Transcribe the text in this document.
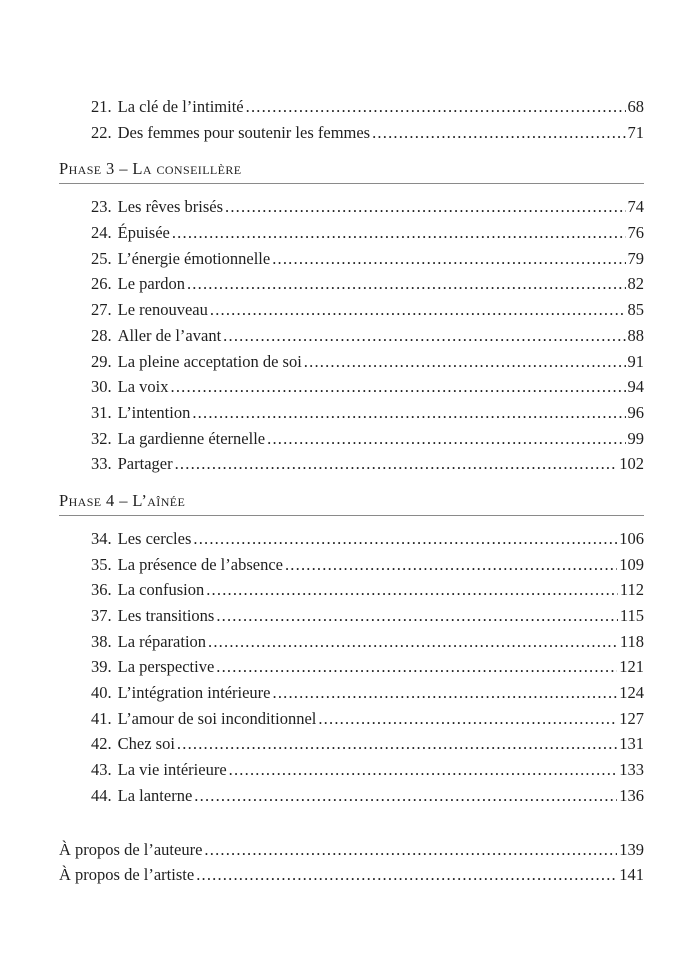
21. La clé de l’intimité .....	68
22. Des femmes pour soutenir les femmes .....	71
Phase 3 – La conseillère
23. Les rêves brisés .....	74
24. Épuisée .....	76
25. L’énergie émotionnelle .....	79
26. Le pardon .....	82
27. Le renouveau .....	85
28. Aller de l’avant .....	88
29. La pleine acceptation de soi .....	91
30. La voix .....	94
31. L’intention .....	96
32. La gardienne éternelle .....	99
33. Partager .....	102
Phase 4 – L’aînée
34. Les cercles .....	106
35. La présence de l’absence .....	109
36. La confusion .....	112
37. Les transitions .....	115
38. La réparation .....	118
39. La perspective .....	121
40. L’intégration intérieure .....	124
41. L’amour de soi inconditionnel .....	127
42. Chez soi .....	131
43. La vie intérieure .....	133
44. La lanterne .....	136
À propos de l’auteure .....	139
À propos de l’artiste .....	141
